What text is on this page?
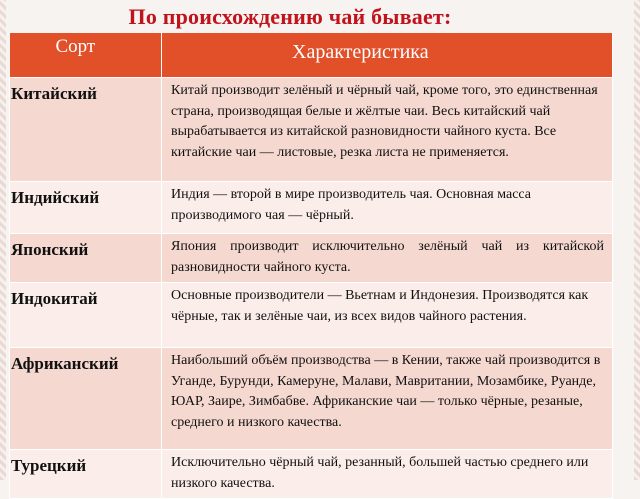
По происхождению чай бывает:
Сорт	Характеристика
Китайский	Китай производит зелёный и чёрный чай, кроме того, это единственная страна, производящая белые и жёлтые чаи. Весь китайский чай вырабатывается из китайской разновидности чайного куста. Все китайские чаи — листовые, резка листа не применяется.
Индийский	Индия — второй в мире производитель чая. Основная масса производимого чая — чёрный.
Японский	Япония производит исключительно зелёный чай из китайской разновидности чайного куста.
Индокитай	Основные производители — Вьетнам и Индонезия. Производятся как чёрные, так и зелёные чаи, из всех видов чайного растения.
Африканский	Наибольший объём производства — в Кении, также чай производится в Уганде, Бурунди, Камеруне, Малави, Мавритании, Мозамбике, Руанде, ЮАР, Заире, Зимбабве. Африканские чаи — только чёрные, резаные, среднего и низкого качества.
Турецкий	Исключительно чёрный чай, резанный, большей частью среднего или низкого качества.
